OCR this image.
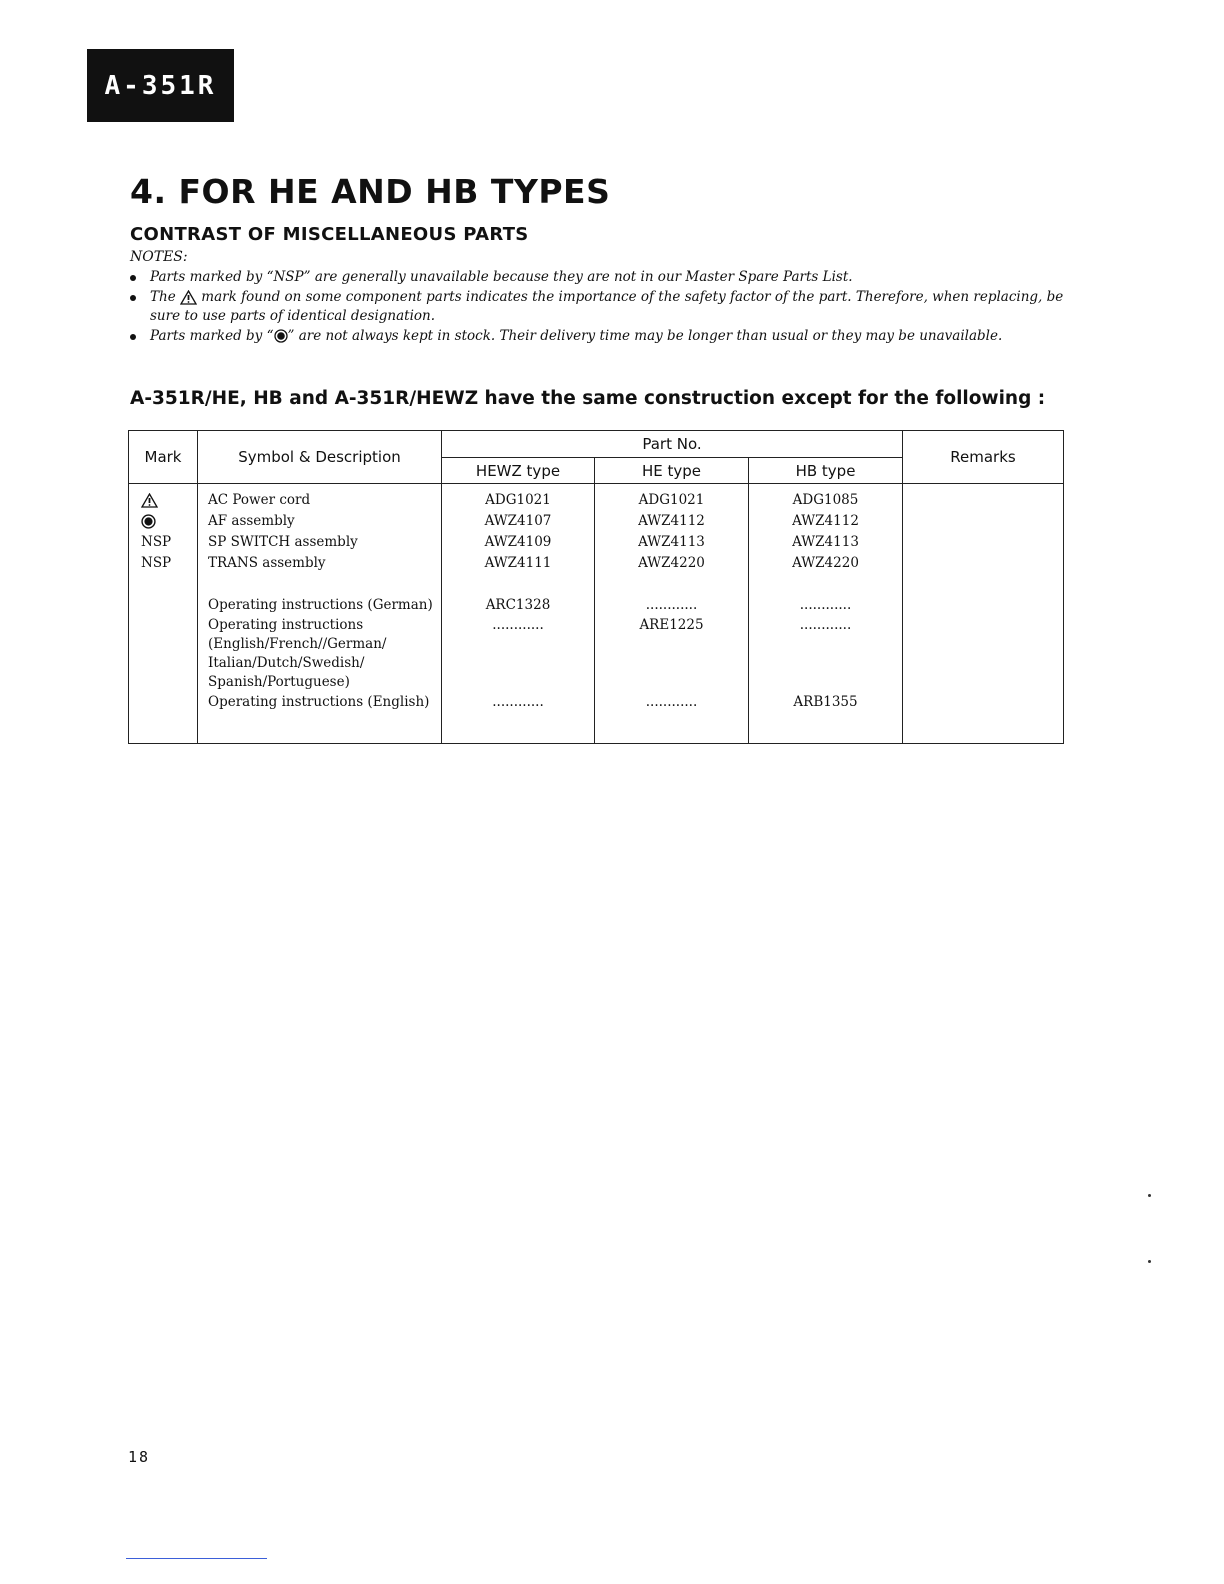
A-351R
4. FOR HE AND HB TYPES
CONTRAST OF MISCELLANEOUS PARTS
NOTES:
Parts marked by “NSP” are generally unavailable because they are not in our Master Spare Parts List.
The mark found on some component parts indicates the importance of the safety factor of the part. Therefore, when replacing, be sure to use parts of identical designation.
Parts marked by “ ” are not always kept in stock. Their delivery time may be longer than usual or they may be unavailable.
A-351R/HE, HB and A-351R/HEWZ have the same construction except for the following :
Mark	Symbol & Description	Part No.			Remarks
		HEWZ type	HE type	HB type	

	AC Power cord	ADG1021	ADG1021	ADG1085	
	AF assembly	AWZ4107	AWZ4112	AWZ4112	
NSP	SP SWITCH assembly	AWZ4109	AWZ4113	AWZ4113	
NSP	TRANS assembly	AWZ4111	AWZ4220	AWZ4220	

	Operating instructions (German)	ARC1328	............	............	

	Operating instructions
(English/French//German/
Italian/Dutch/Swedish/
Spanish/Portuguese)	............	ARE1225	............	
	Operating instructions (English)	............	............	ARB1355	

18
